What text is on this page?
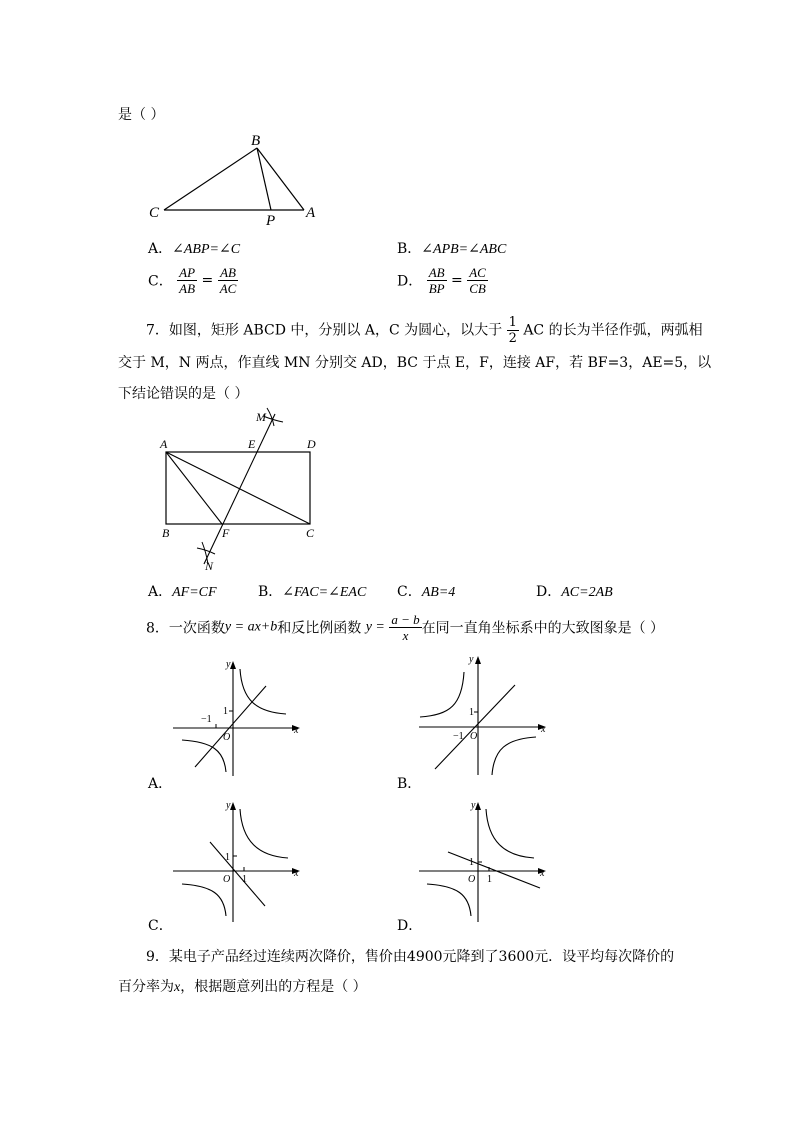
是（ ）
B
C	P A
A．∠ABP=∠C	B．∠APB=∠ABC
C． $\frac{AP}{AB} = \frac{AB}{AC}$	D． $\frac{AB}{BP} = \frac{AC}{CB}$
7．如图，矩形 ABCD 中，分别以 A，C 为圆心，以大于 $\frac{1}{2}$ AC 的长为半径作弧，两弧相
交于 M，N 两点，作直线 MN 分别交 AD，BC 于点 E，F，连接 AF，若 BF=3，AE=5，以
下结论错误的是（ ）
M
A	E	D
B	F	C
N
A．AF=CF	B．∠FAC=∠EAC C．AB=4	D．AC=2AB
8．一次函数y = ax+b和反比例函数 $y = \frac{a - b}{x}$ 在同一直角坐标系中的大致图象是（ ）
1
−1
O
x
y
A．
1
−1 O
x
y
B．
1
1
O
x
y
C．
1
1
O
x
y
D．
9．某电子产品经过连续两次降价，售价由4900元降到了3600元．设平均每次降价的
百分率为x，根据题意列出的方程是（ ）
